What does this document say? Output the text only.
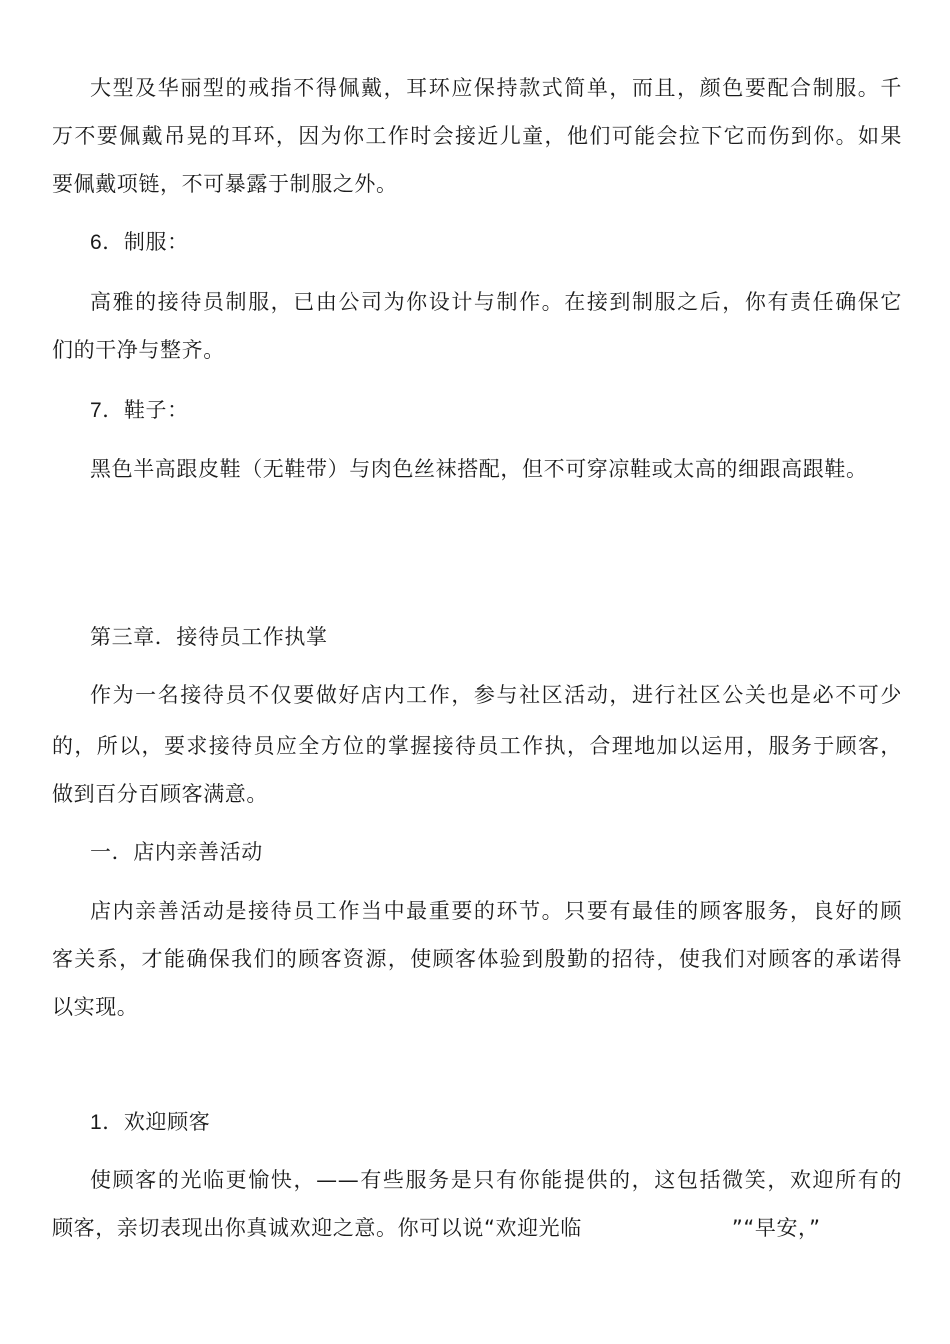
大型及华丽型的戒指不得佩戴，耳环应保持款式简单，而且，颜色要配合制服。千
万不要佩戴吊晃的耳环，因为你工作时会接近儿童，他们可能会拉下它而伤到你。如果
要佩戴项链，不可暴露于制服之外。
6．制服：
高雅的接待员制服，已由公司为你设计与制作。在接到制服之后，你有责任确保它
们的干净与整齐。
7．鞋子：
黑色半高跟皮鞋（无鞋带）与肉色丝袜搭配，但不可穿凉鞋或太高的细跟高跟鞋。
第三章．接待员工作执掌
作为一名接待员不仅要做好店内工作，参与社区活动，进行社区公关也是必不可少
的，所以，要求接待员应全方位的掌握接待员工作执，合理地加以运用，服务于顾客，
做到百分百顾客满意。
一．店内亲善活动
店内亲善活动是接待员工作当中最重要的环节。只要有最佳的顾客服务，良好的顾
客关系，才能确保我们的顾客资源，使顾客体验到殷勤的招待，使我们对顾客的承诺得
以实现。
1．欢迎顾客
使顾客的光临更愉快，——有些服务是只有你能提供的，这包括微笑，欢迎所有的
顾客，亲切表现出你真诚欢迎之意。你可以说“欢迎光临	”“早安，”
